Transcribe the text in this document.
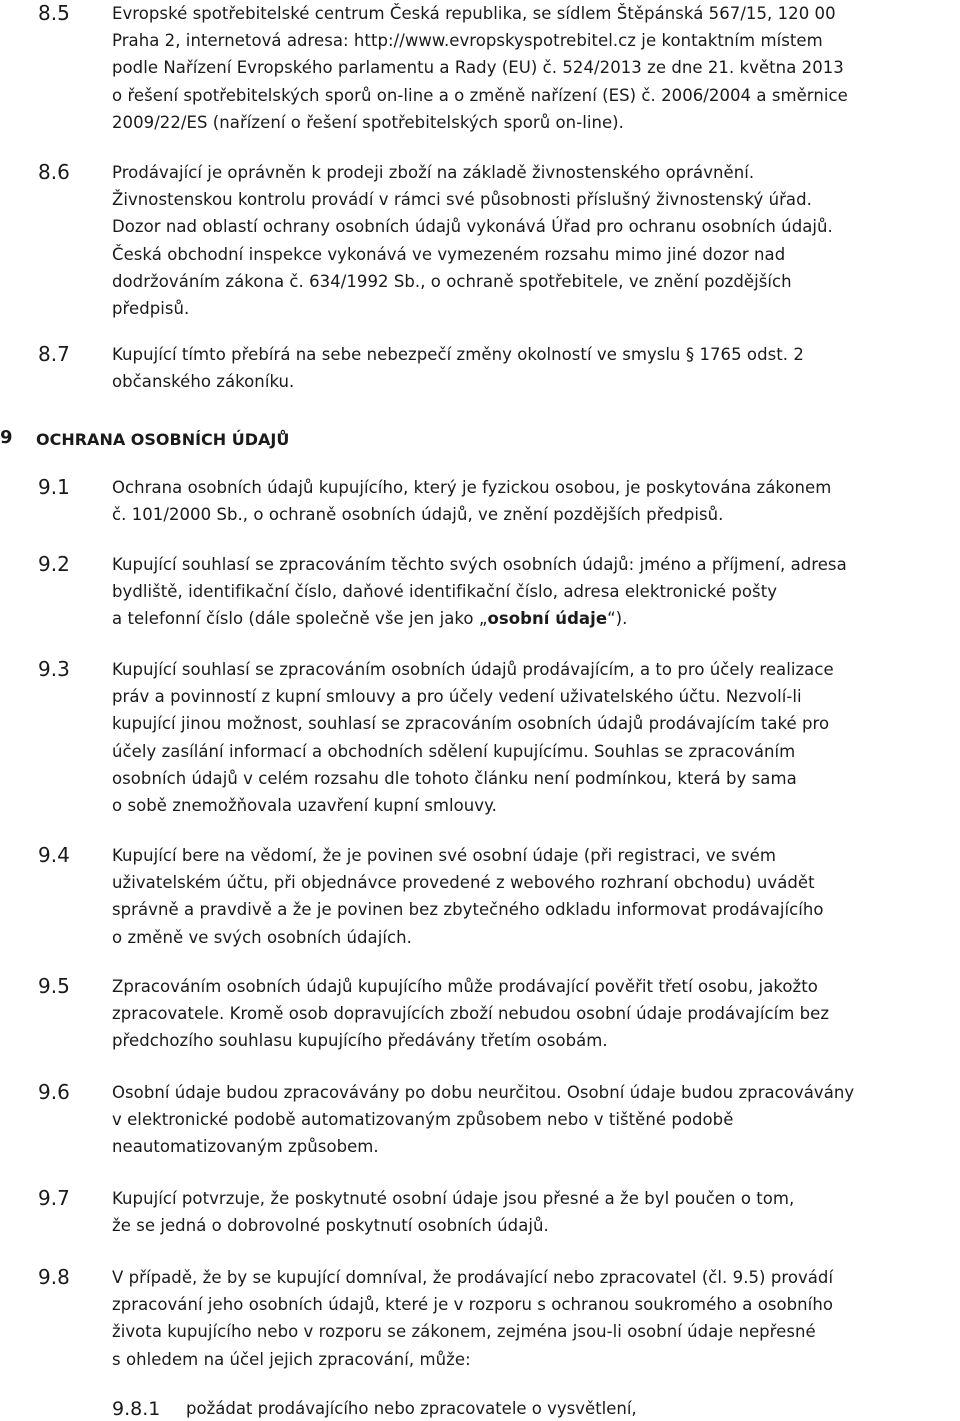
8.5	Evropské spotřebitelské centrum Česká republika, se sídlem Štěpánská 567/15, 120 00
Praha 2, internetová adresa: http://www.evropskyspotrebitel.cz je kontaktním místem
podle Nařízení Evropského parlamentu a Rady (EU) č. 524/2013 ze dne 21. května 2013
o řešení spotřebitelských sporů on-line a o změně nařízení (ES) č. 2006/2004 a směrnice
2009/22/ES (nařízení o řešení spotřebitelských sporů on-line).
8.6	Prodávající je oprávněn k prodeji zboží na základě živnostenského oprávnění.
Živnostenskou kontrolu provádí v rámci své působnosti příslušný živnostenský úřad.
Dozor nad oblastí ochrany osobních údajů vykonává Úřad pro ochranu osobních údajů.
Česká obchodní inspekce vykonává ve vymezeném rozsahu mimo jiné dozor nad
dodržováním zákona č. 634/1992 Sb., o ochraně spotřebitele, ve znění pozdějších
předpisů.
8.7	Kupující tímto přebírá na sebe nebezpečí změny okolností ve smyslu § 1765 odst. 2
občanského zákoníku.
9 OCHRANA OSOBNÍCH ÚDAJŮ
9.1	Ochrana osobních údajů kupujícího, který je fyzickou osobou, je poskytována zákonem
č. 101/2000 Sb., o ochraně osobních údajů, ve znění pozdějších předpisů.
9.2	Kupující souhlasí se zpracováním těchto svých osobních údajů: jméno a příjmení, adresa
bydliště, identifikační číslo, daňové identifikační číslo, adresa elektronické pošty
a telefonní číslo (dále společně vše jen jako „osobní údaje“).
9.3	Kupující souhlasí se zpracováním osobních údajů prodávajícím, a to pro účely realizace
práv a povinností z kupní smlouvy a pro účely vedení uživatelského účtu. Nezvolí-li
kupující jinou možnost, souhlasí se zpracováním osobních údajů prodávajícím také pro
účely zasílání informací a obchodních sdělení kupujícímu. Souhlas se zpracováním
osobních údajů v celém rozsahu dle tohoto článku není podmínkou, která by sama
o sobě znemožňovala uzavření kupní smlouvy.
9.4	Kupující bere na vědomí, že je povinen své osobní údaje (při registraci, ve svém
uživatelském účtu, při objednávce provedené z webového rozhraní obchodu) uvádět
správně a pravdivě a že je povinen bez zbytečného odkladu informovat prodávajícího
o změně ve svých osobních údajích.
9.5	Zpracováním osobních údajů kupujícího může prodávající pověřit třetí osobu, jakožto
zpracovatele. Kromě osob dopravujících zboží nebudou osobní údaje prodávajícím bez
předchozího souhlasu kupujícího předávány třetím osobám.
9.6	Osobní údaje budou zpracovávány po dobu neurčitou. Osobní údaje budou zpracovávány
v elektronické podobě automatizovaným způsobem nebo v tištěné podobě
neautomatizovaným způsobem.
9.7	Kupující potvrzuje, že poskytnuté osobní údaje jsou přesné a že byl poučen o tom,
že se jedná o dobrovolné poskytnutí osobních údajů.
9.8	V případě, že by se kupující domníval, že prodávající nebo zpracovatel (čl. 9.5) provádí
zpracování jeho osobních údajů, které je v rozporu s ochranou soukromého a osobního
života kupujícího nebo v rozporu se zákonem, zejména jsou-li osobní údaje nepřesné
s ohledem na účel jejich zpracování, může:
9.8.1 požádat prodávajícího nebo zpracovatele o vysvětlení,
